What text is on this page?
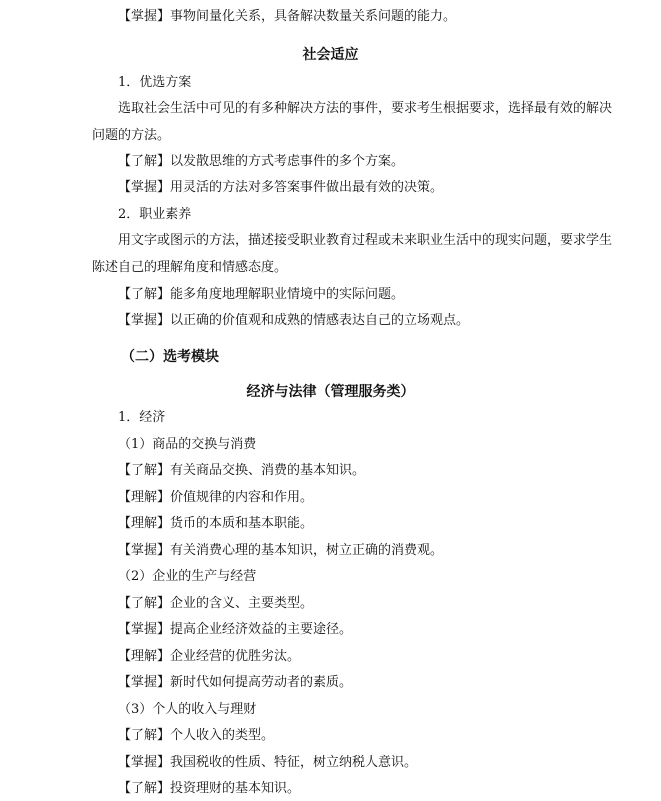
【掌握】事物间量化关系，具备解决数量关系问题的能力。
社会适应
1．优选方案
选取社会生活中可见的有多种解决方法的事件，要求考生根据要求，选择最有效的解决
问题的方法。
【了解】以发散思维的方式考虑事件的多个方案。
【掌握】用灵活的方法对多答案事件做出最有效的决策。
2．职业素养
用文字或图示的方法，描述接受职业教育过程或未来职业生活中的现实问题，要求学生
陈述自己的理解角度和情感态度。
【了解】能多角度地理解职业情境中的实际问题。
【掌握】以正确的价值观和成熟的情感表达自己的立场观点。
（二）选考模块
经济与法律（管理服务类）
1．经济
（1）商品的交换与消费
【了解】有关商品交换、消费的基本知识。
【理解】价值规律的内容和作用。
【理解】货币的本质和基本职能。
【掌握】有关消费心理的基本知识，树立正确的消费观。
（2）企业的生产与经营
【了解】企业的含义、主要类型。
【掌握】提高企业经济效益的主要途径。
【理解】企业经营的优胜劣汰。
【掌握】新时代如何提高劳动者的素质。
（3）个人的收入与理财
【了解】个人收入的类型。
【掌握】我国税收的性质、特征，树立纳税人意识。
【了解】投资理财的基本知识。
